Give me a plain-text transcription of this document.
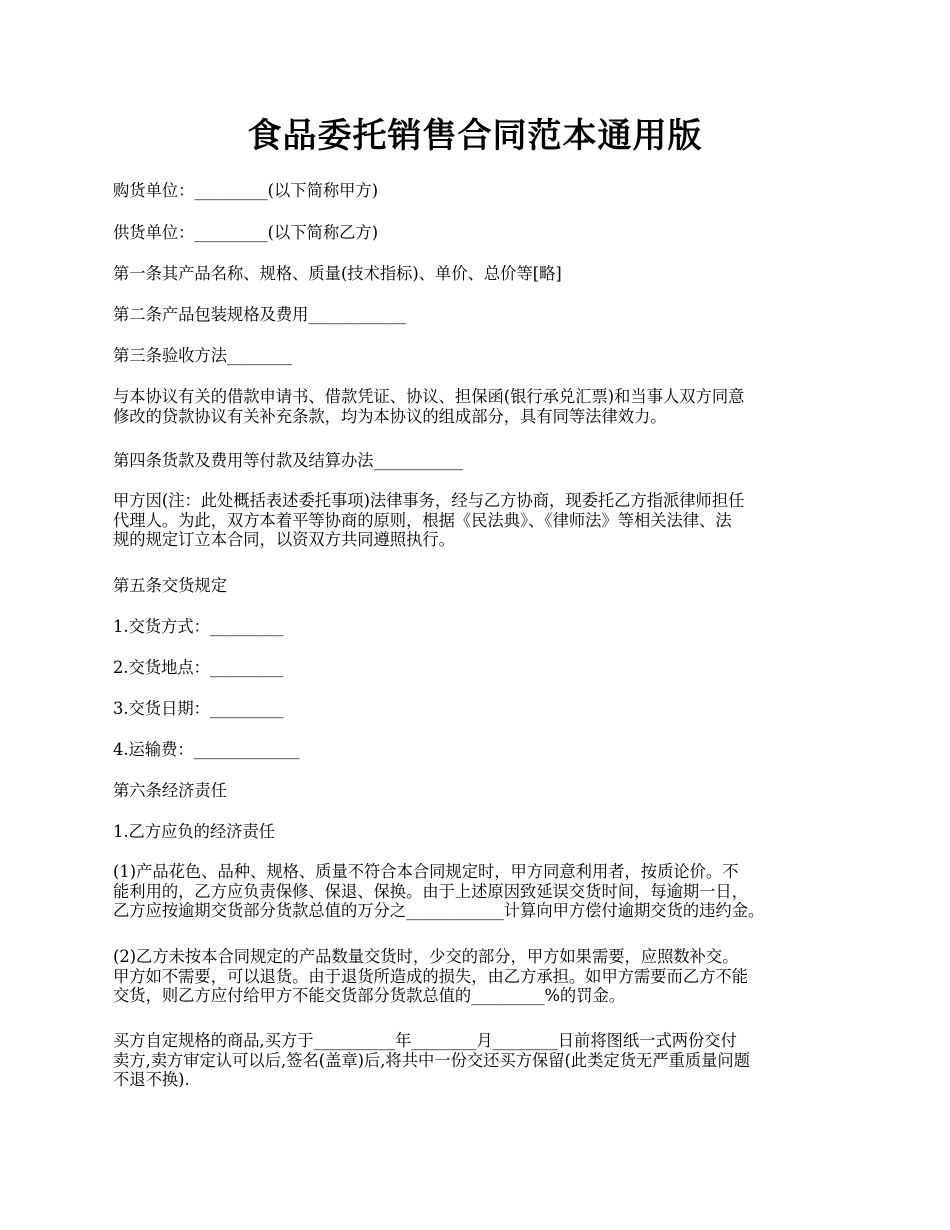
食品委托销售合同范本通用版

购货单位：_________(以下简称甲方)

供货单位：_________(以下简称乙方)

第一条其产品名称、规格、质量(技术指标)、单价、总价等[略]

第二条产品包装规格及费用____________

第三条验收方法________

与本协议有关的借款申请书、借款凭证、协议、担保函(银行承兑汇票)和当事人双方同意
修改的贷款协议有关补充条款，均为本协议的组成部分，具有同等法律效力。

第四条货款及费用等付款及结算办法___________

甲方因(注：此处概括表述委托事项)法律事务，经与乙方协商，现委托乙方指派律师担任
代理人。为此，双方本着平等协商的原则，根据《民法典》、《律师法》等相关法律、法
规的规定订立本合同，以资双方共同遵照执行。

第五条交货规定

1.交货方式：_________

2.交货地点：_________

3.交货日期：_________

4.运输费：_____________

第六条经济责任

1.乙方应负的经济责任

(1)产品花色、品种、规格、质量不符合本合同规定时，甲方同意利用者，按质论价。不
能利用的，乙方应负责保修、保退、保换。由于上述原因致延误交货时间，每逾期一日，
乙方应按逾期交货部分货款总值的万分之____________计算向甲方偿付逾期交货的违约金。

(2)乙方未按本合同规定的产品数量交货时，少交的部分，甲方如果需要，应照数补交。
甲方如不需要，可以退货。由于退货所造成的损失，由乙方承担。如甲方需要而乙方不能
交货，则乙方应付给甲方不能交货部分货款总值的_________%的罚金。

买方自定规格的商品,买方于__________年________月________日前将图纸一式两份交付
卖方,卖方审定认可以后,签名(盖章)后,将共中一份交还买方保留(此类定货无严重质量问题
不退不换).
